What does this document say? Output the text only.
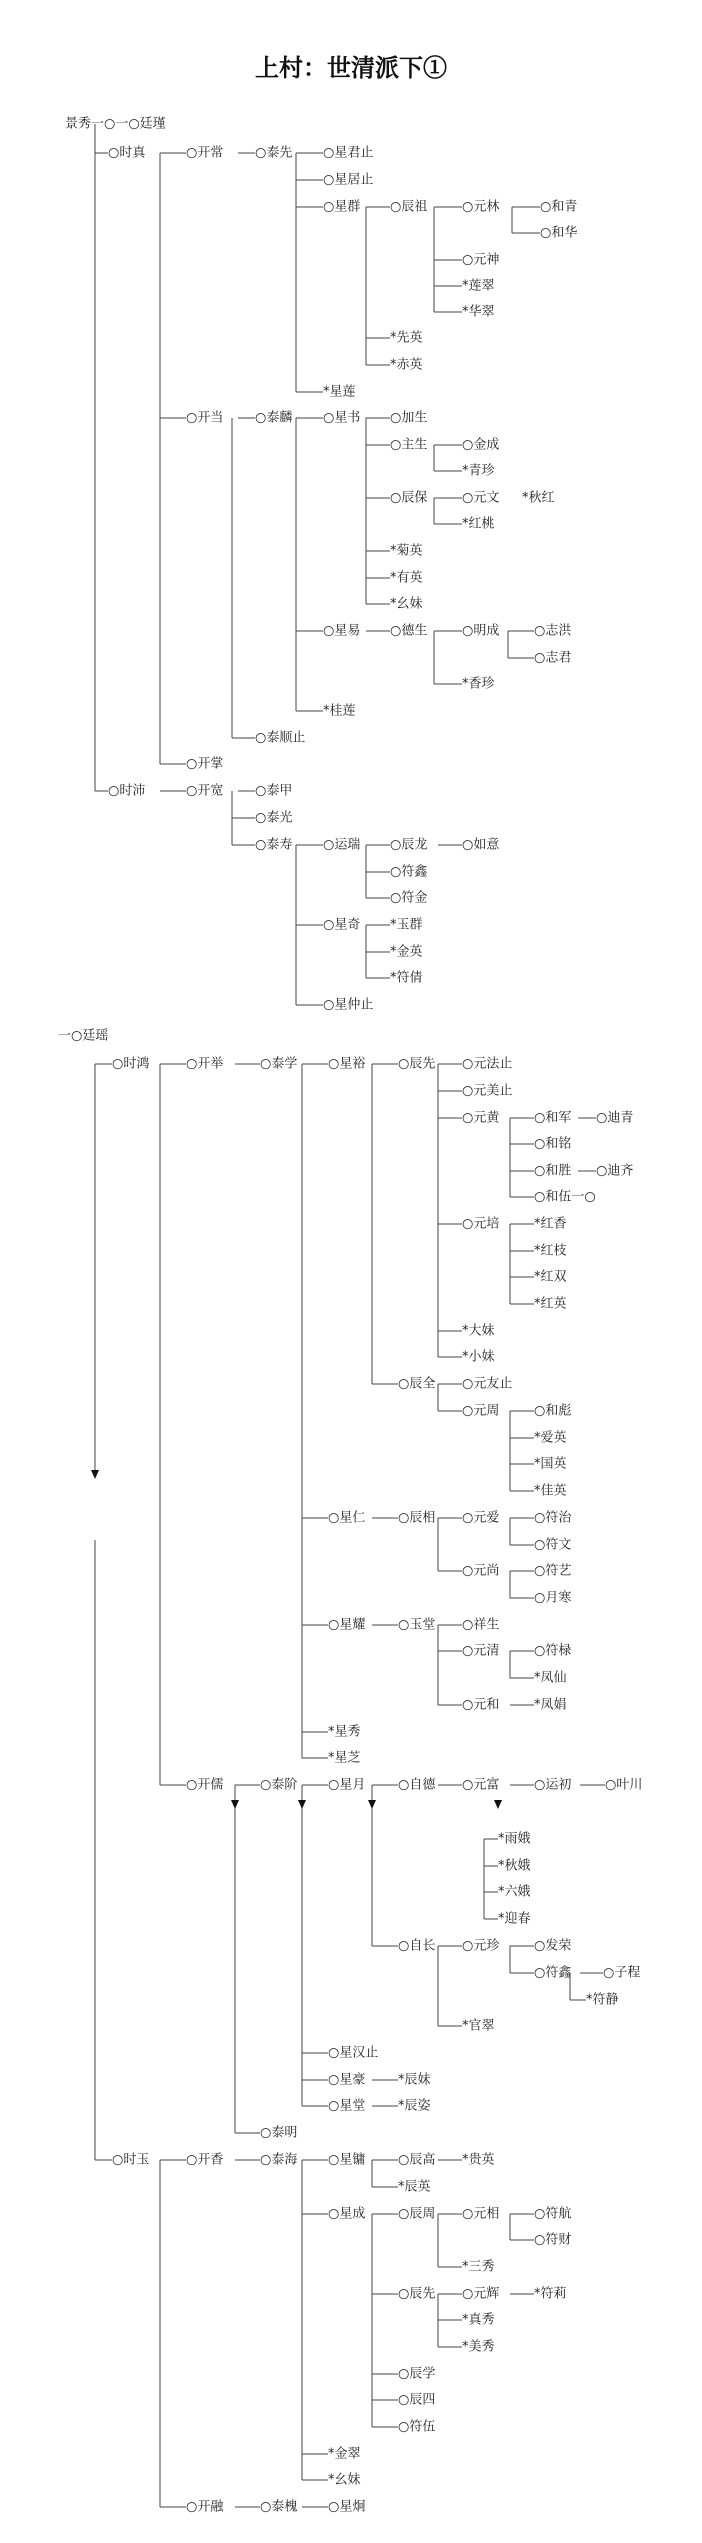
上村：世清派下①
景秀一○一○廷瑾
○时真	○开常 ○泰先 ○星君止
○星居止
○星群 ○辰祖	○元林	○和青
○和华
○元神
*莲翠
*华翠
*先英
*赤英
*星莲
○开当 ○泰麟 ○星书 ○加生
○主生	○金成
*青珍
○辰保	○元文 *秋红
*红桃
*菊英
*有英
*幺妹
○星易 ○德生	○明成	○志洪
○志君
*香珍
*桂莲
○泰顺止
○开掌
○时沛	○开宽 ○泰甲
○泰光
○泰寿 ○运瑞 ○辰龙	○如意
○符鑫
○符金
○星奇 *玉群
*金英
*符倩
○星仲止
一○廷瑶
○时鸿	○开举	○泰学 ○星裕	○辰先 ○元法止
○元美止
○元黄	○和军 ○迪青
○和铭
○和胜 ○迪齐
○和伍一○
○元培	*红香
*红枝
*红双
*红英
*大妹
*小妹
○辰全 ○元友止
○元周	○和彪
*爱英
*国英
*佳英
○星仁	○辰相 ○元爱	○符治
○符文
○元尚	○符艺
○月寒
○星耀	○玉堂 ○祥生
○元清	○符椂
*凤仙
○元和	*凤娟
*星秀
*星芝
○开儒	○泰阶 ○星月	○自德 ○元富	○运初	○叶川
*雨娥
*秋娥
*六娥
*迎春
○自长 ○元珍	○发荣
○符鑫 ○子程
*符静
*官翠
○星汉止
○星豪	*辰妹
○星堂	*辰姿
○泰明
○时玉	○开香	○泰海 ○星镛	○辰高 *贵英
*辰英
○星成	○辰周 ○元相	○符航
○符财
*三秀
○辰先 ○元辉	*符莉
*真秀
*美秀
○辰学
○辰四
○符伍
*金翠
*幺妹
○开融	○泰槐 ○星炯
